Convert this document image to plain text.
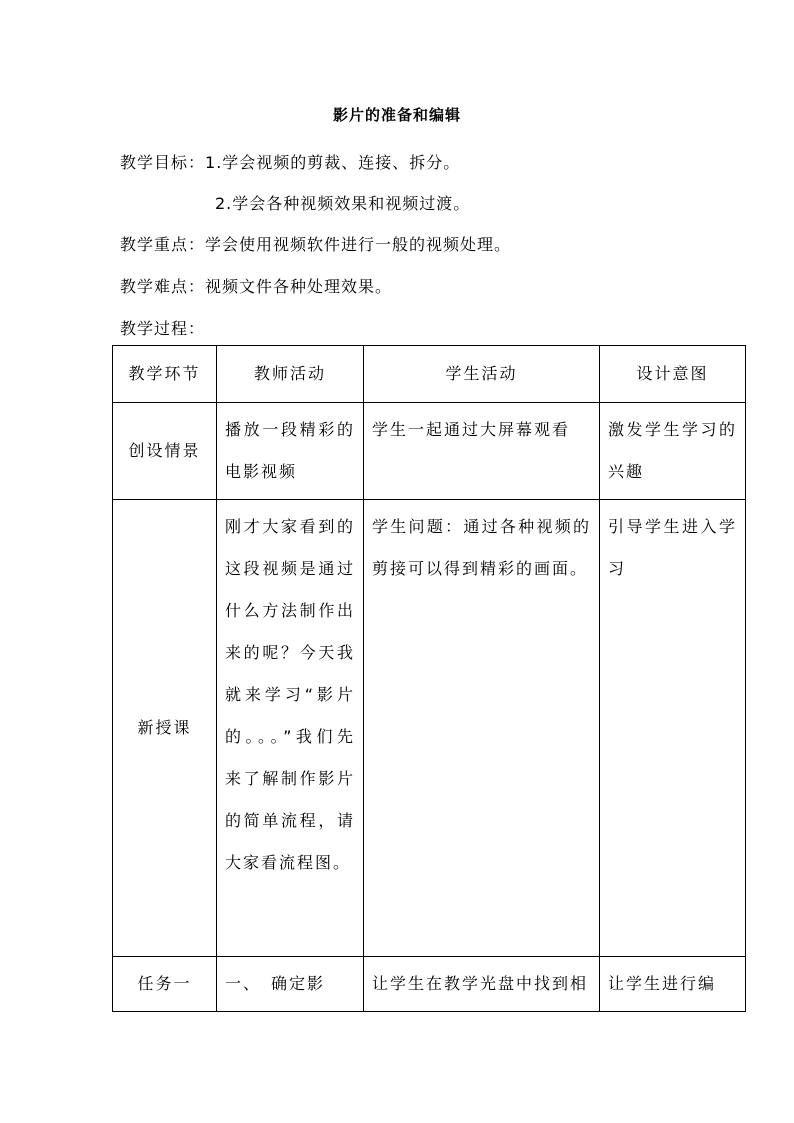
影片的准备和编辑
教学目标：1.学会视频的剪裁、连接、拆分。
2.学会各种视频效果和视频过渡。
教学重点：学会使用视频软件进行一般的视频处理。
教学难点：视频文件各种处理效果。
教学过程：
教学环节	教师活动	学生活动	设计意图
创设情景	播放一段精彩的电影视频	学生一起通过大屏幕观看	激发学生学习的兴趣
新授课	刚才大家看到的这段视频是通过什么方法制作出来的呢？今天我就来学习“影片的。。。”我们先来了解制作影片的简单流程，请大家看流程图。	学生问题：通过各种视频的剪接可以得到精彩的画面。	引导学生进入学习
任务一	一、　确定影	让学生在教学光盘中找到相	让学生进行编
